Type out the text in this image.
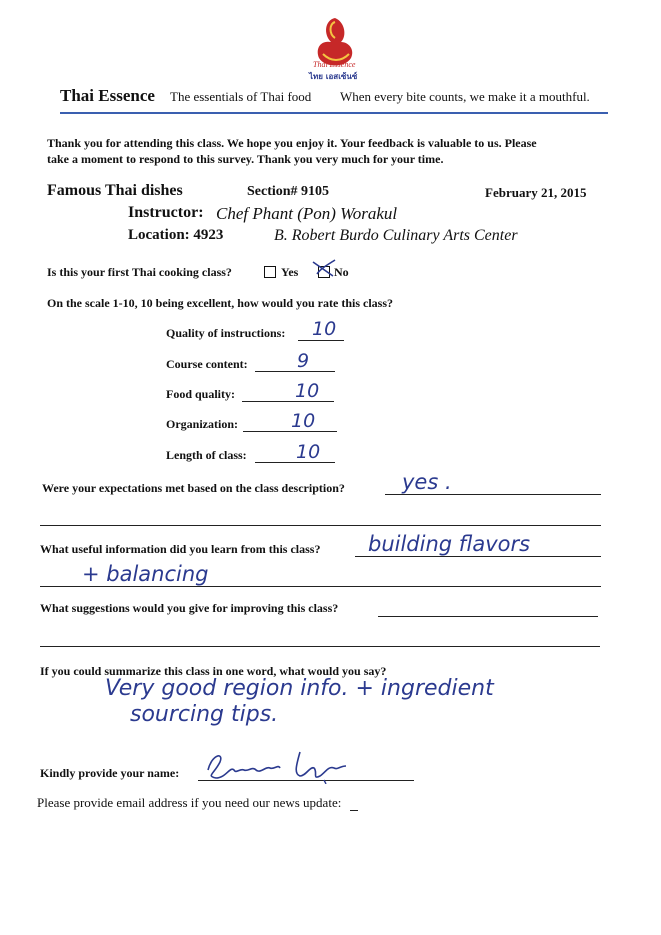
Thai Essence
ไทย เอสเซ้นซ์
Thai Essence The essentials of Thai food When every bite counts, we make it a mouthful.
Thank you for attending this class. We hope you enjoy it. Your feedback is valuable to us. Please
take a moment to respond to this survey. Thank you very much for your time.
Famous Thai dishes	Section# 9105	February 21, 2015
Instructor: Chef Phant (Pon) Worakul
Location: 4923	B. Robert Burdo Culinary Arts Center
Is this your first Thai cooking class?	Yes	No
On the scale 1-10, 10 being excellent, how would you rate this class?
Quality of instructions: 10
Course content:	9
Food quality:	10
Organization:	10
Length of class:	10
Were your expectations met based on the class description?	yes .
What useful information did you learn from this class? building flavors
+ balancing
What suggestions would you give for improving this class?
If you could summarize this class in one word, what would you say?
Very good region info. + ingredient
sourcing tips.
Kindly provide your name:
Please provide email address if you need our news update:
